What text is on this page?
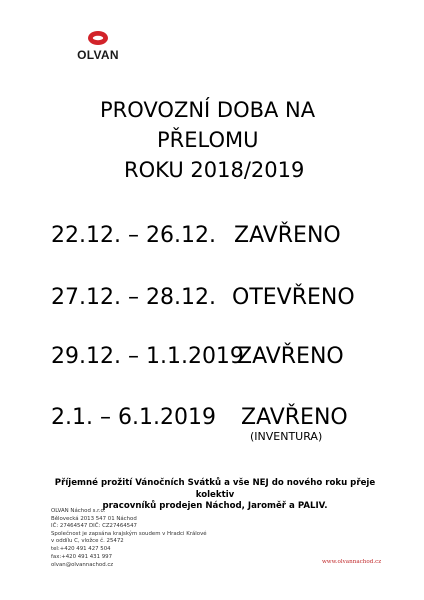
OLVAN
PROVOZNÍ DOBA NA
PŘELOMU
ROKU 2018/2019
22.12. – 26.12. ZAVŘENO
27.12. – 28.12. OTEVŘENO
29.12. – 1.1.2019
ZAVŘENO
2.1. – 6.1.2019 ZAVŘENO
(INVENTURA)
Příjemné prožití Vánočních Svátků a vše NEJ do nového roku přeje kolektiv
pracovníků prodejen Náchod, Jaroměř a PALIV.
OLVAN Náchod s.r.o.
Bělovecká 2013 547 01 Náchod
IČ: 27464547 DIČ: CZ27464547
Společnost je zapsána krajským soudem v Hradci Králové
v oddílu C, vložce č. 25472
tel:+420 491 427 504
fax:+420 491 431 997
olvan@olvannachod.cz
www.olvannachod.cz
